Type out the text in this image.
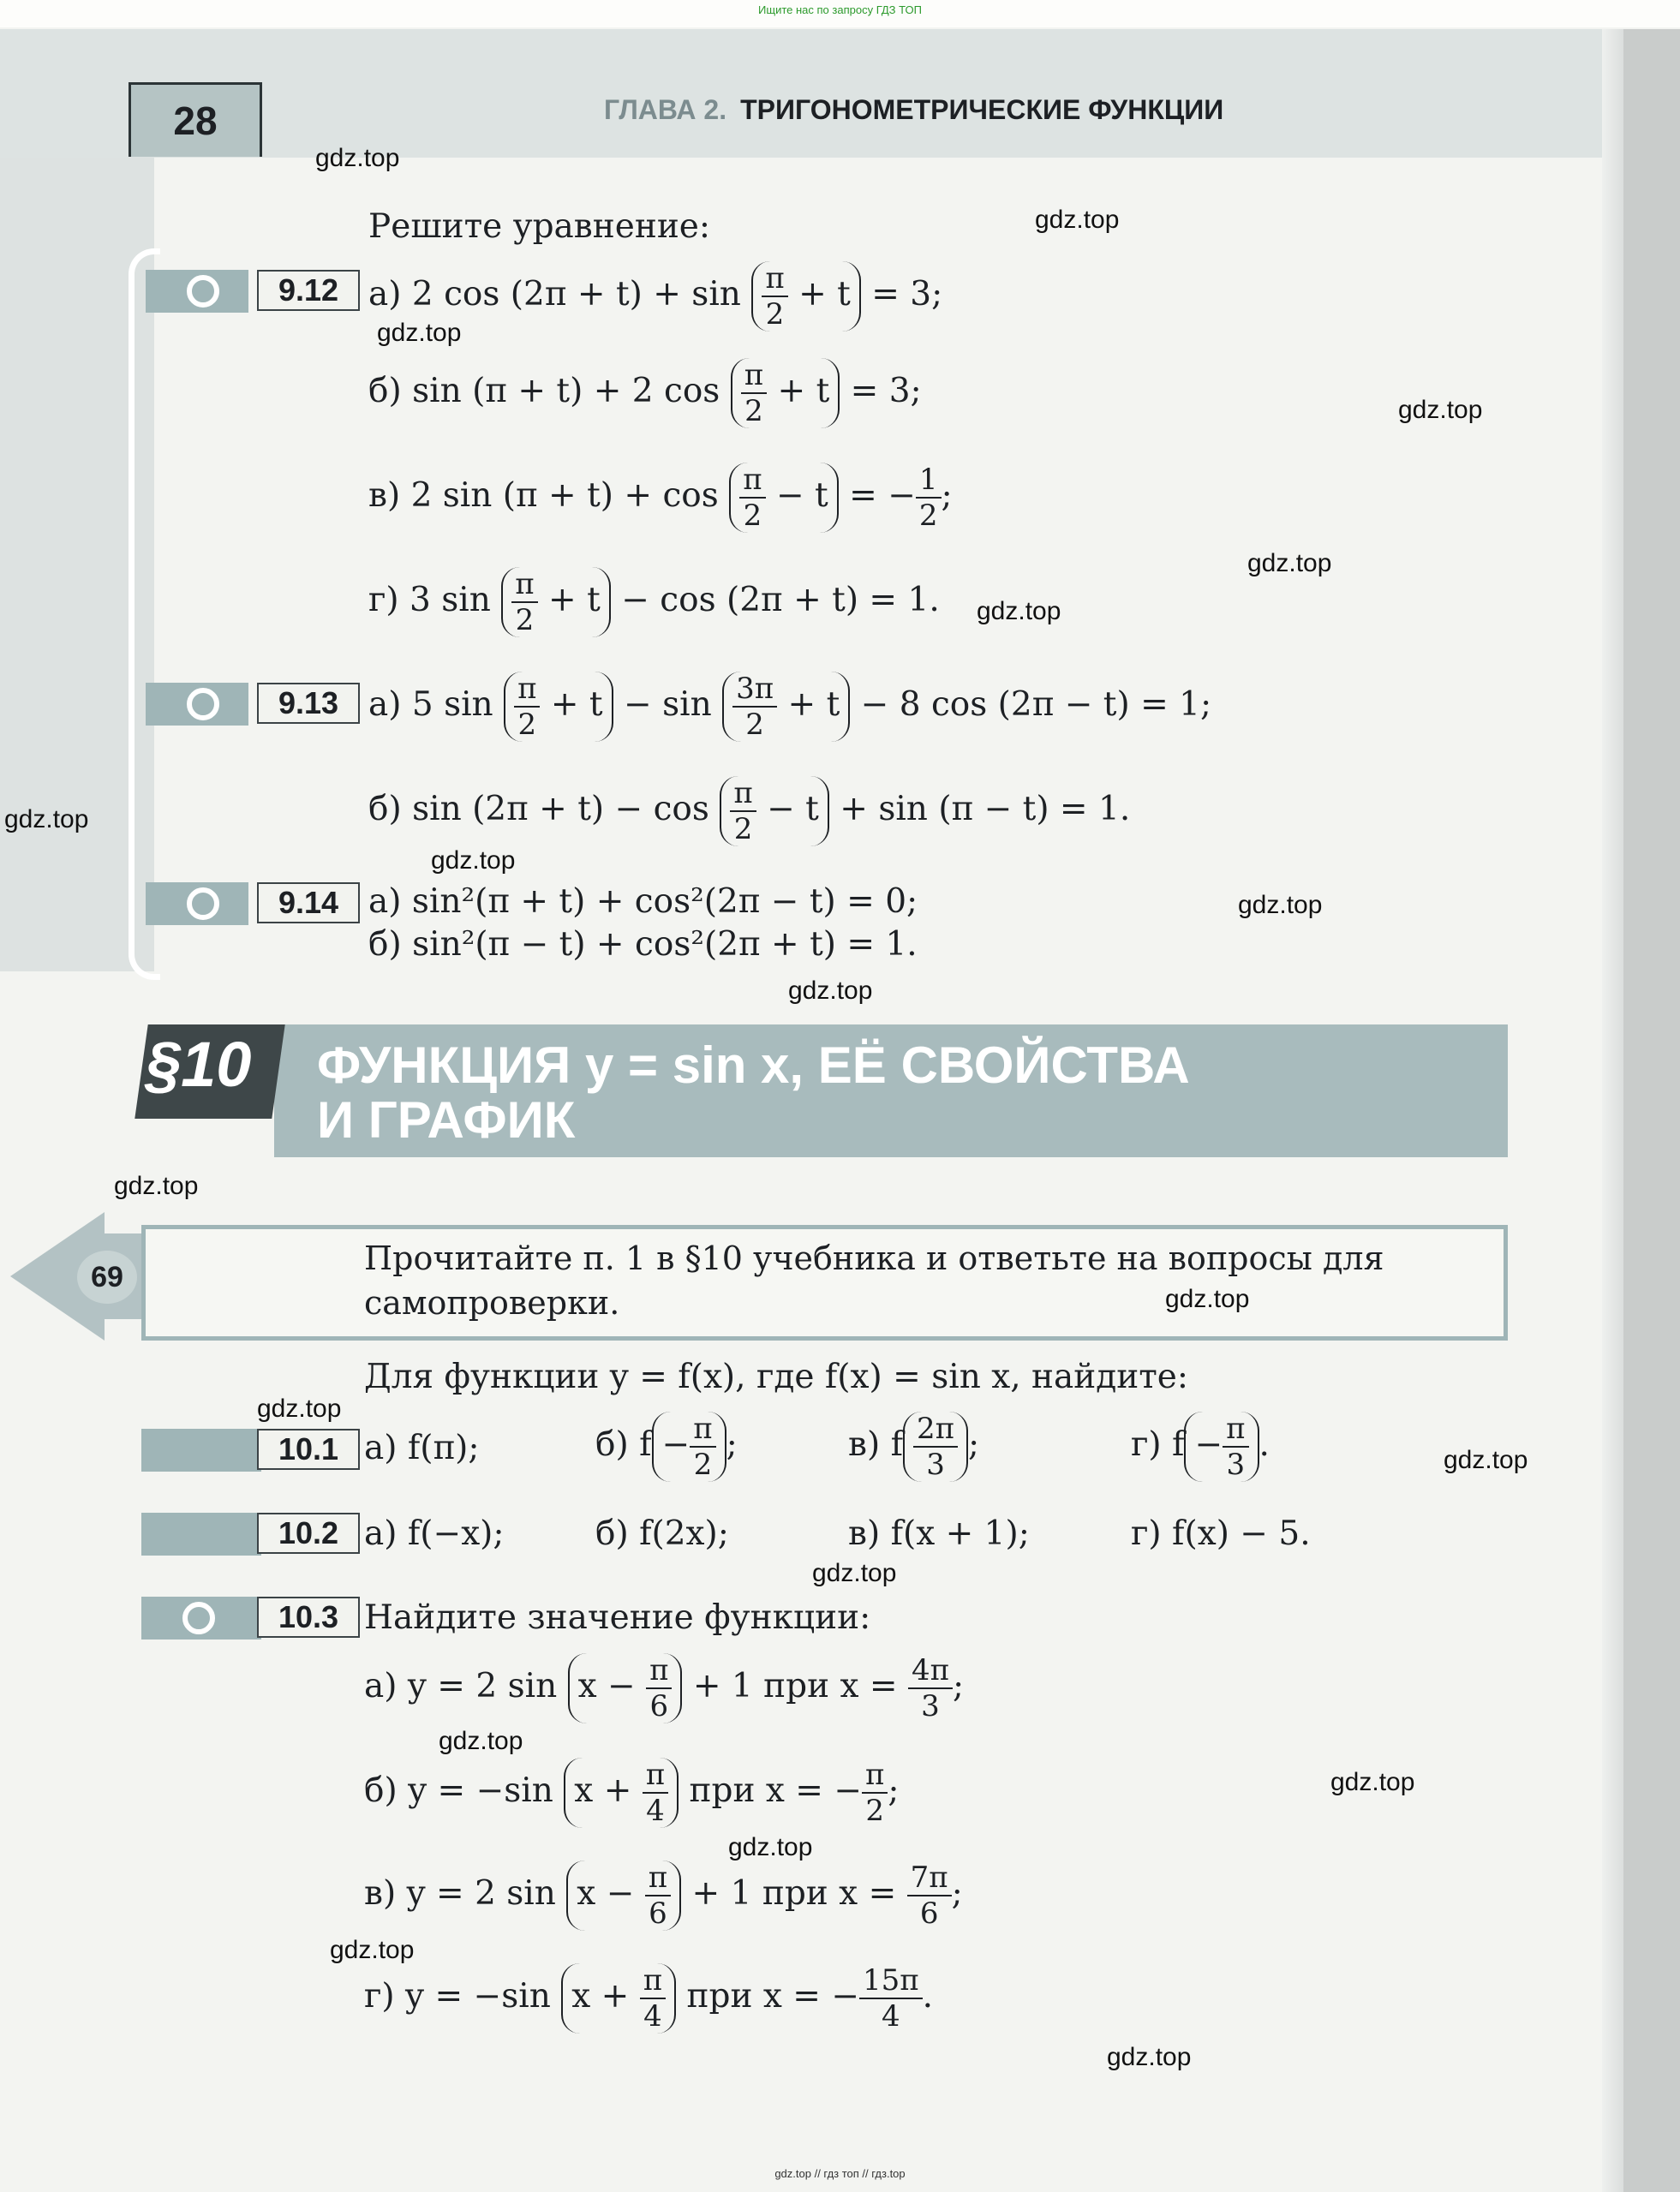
Ищите нас по запросу ГДЗ ТОП
28	ГЛАВА 2. ТРИГОНОМЕТРИЧЕСКИЕ ФУНКЦИИ
Решите уравнение:
9.12 а) 2 $\cos (2\pi + t) + \sin \frac{\pi}{2} + t = 3$;
б) sin (π + t) + 2 $\cos \frac{\pi}{2} + t = 3$;
в) 2 $\sin (\pi + t) + \cos \frac{\pi}{2} - t$ = − $\frac{1}{2}$ ;
г) 3 $\sin \frac{\pi}{2} + t - \cos (2\pi + t) = 1$.
9.13 а) 5 $\sin \frac{\pi}{2} + t - \sin \frac{3\pi}{2} + t - 8$ cos (2π − t) = 1;
б) $\sin (2\pi + t) - \cos \frac{\pi}{2} - t + \sin (\pi - t) = 1$.
9.14 а) sin²(π + t) + cos²(2π − t) = 0;
б) sin²(π − t) + cos²(2π + t) = 1.
§10 ФУНКЦИЯ y = sin x, ЕЁ СВОЙСТВА
И ГРАФИК
69	Прочитайте п. 1 в §10 учебника и ответьте на вопросы для самопроверки.
Для функции y = f(x), где f(x) = sin x, найдите:
10.1 а) f(π);	б) $f - \frac{\pi}{2}$ ;	в) f $\frac{2\pi}{3}$ ;	г) $f - \frac{\pi}{3}$ .
10.2 а) f(−x);	б) f(2x);	в) f(x + 1);	г) f(x) − 5.
10.3 Найдите значение функции:
а) y = 2 $\sin x - \frac{\pi}{6} + 1$ при $x = \frac{4\pi}{3}$ ;
б) y = −sin $x + \frac{\pi}{4}$ при x = − $\frac{\pi}{2}$ ;
в) y = 2 $\sin x - \frac{\pi}{6} + 1$ при $x = \frac{7\pi}{6}$ ;
г) y = −sin $x + \frac{\pi}{4}$ при x = − $\frac{15\pi}{4}$ .
gdz.top
gdz.top
gdz.top
gdz.top
gdz.top
gdz.top
gdz.top
gdz.top
gdz.top
gdz.top
gdz.top
gdz.top
gdz.top
gdz.top
gdz.top
gdz.top
gdz.top
gdz.top
gdz.top
gdz.top
gdz.top // гдз топ // гдз.top
